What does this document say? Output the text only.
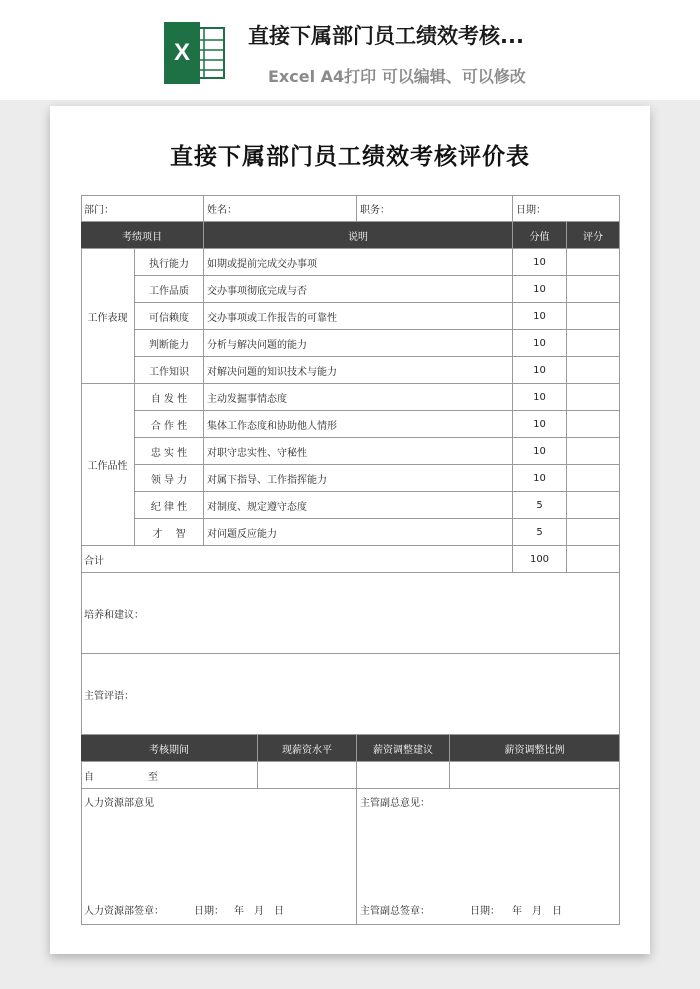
X
直接下属部门员工绩效考核...
Excel A4打印 可以编辑、可以修改
直接下属部门员工绩效考核评价表
部门：	姓名：	职务：	日期：
考绩项目	说明	分值	评分
工作表现
执行能力	如期或提前完成交办事项	10
工作品质	交办事项彻底完成与否	10
可信赖度	交办事项或工作报告的可靠性	10
判断能力	分析与解决问题的能力	10
工作知识	对解决问题的知识技术与能力	10
工作品性
自 发 性	主动发掘事情态度	10
合 作 性	集体工作态度和协助他人情形	10
忠 实 性	对职守忠实性、守秘性	10
领 导 力	对属下指导、工作指挥能力	10
纪 律 性	对制度、规定遵守态度	5
才　 智	对问题反应能力	5
合计	100
培养和建议：
主管评语：
考核期间	现薪资水平	薪资调整建议	薪资调整比例
自	至
人力资源部意见
人力资源部签章：	日期： 年　月　日
主管副总意见：
主管副总签章：	日期： 年　月　日
